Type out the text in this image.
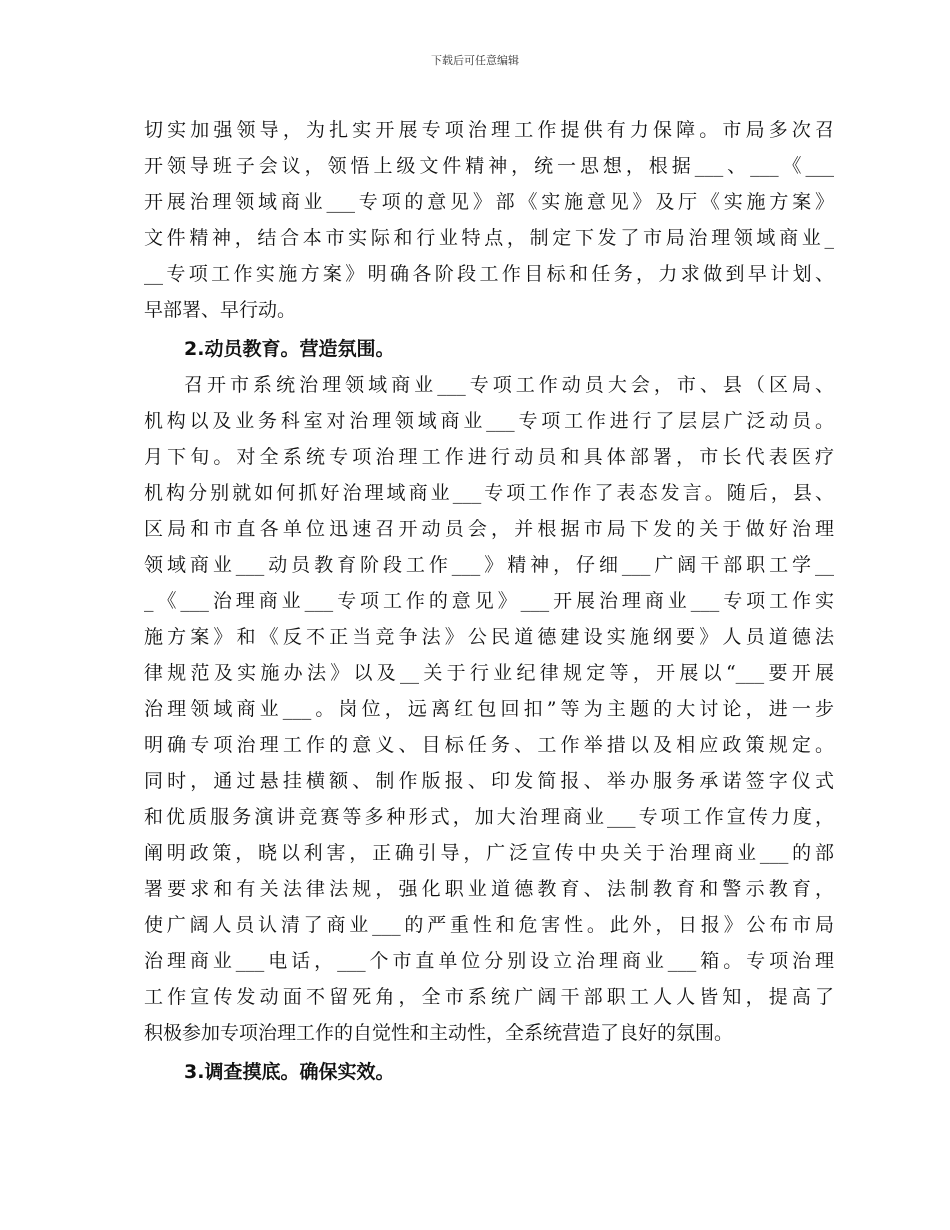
下载后可任意编辑
切实加强领导，为扎实开展专项治理工作提供有力保障。市局多次召
开领导班子会议，领悟上级文件精神，统一思想，根据___、___《___
开展治理领域商业___专项的意见》部《实施意见》及厅《实施方案》
文件精神，结合本市实际和行业特点，制定下发了市局治理领域商业_
__专项工作实施方案》明确各阶段工作目标和任务，力求做到早计划、
早部署、早行动。
2.动员教育。营造氛围。
召开市系统治理领域商业___专项工作动员大会，市、县（区局、
机构以及业务科室对治理领域商业___专项工作进行了层层广泛动员。
月下旬。对全系统专项治理工作进行动员和具体部署，市长代表医疗
机构分别就如何抓好治理域商业___专项工作作了表态发言。随后，县、
区局和市直各单位迅速召开动员会，并根据市局下发的关于做好治理
领域商业___动员教育阶段工作___》精神，仔细___广阔干部职工学__
_《___治理商业___专项工作的意见》___开展治理商业___专项工作实
施方案》和《反不正当竞争法》公民道德建设实施纲要》人员道德法
律规范及实施办法》以及__关于行业纪律规定等，开展以“___要开展
治理领域商业___。岗位，远离红包回扣”等为主题的大讨论，进一步
明确专项治理工作的意义、目标任务、工作举措以及相应政策规定。
同时，通过悬挂横额、制作版报、印发简报、举办服务承诺签字仪式
和优质服务演讲竞赛等多种形式，加大治理商业___专项工作宣传力度，
阐明政策，晓以利害，正确引导，广泛宣传中央关于治理商业___的部
署要求和有关法律法规，强化职业道德教育、法制教育和警示教育，
使广阔人员认清了商业___的严重性和危害性。此外，日报》公布市局
治理商业___电话，___个市直单位分别设立治理商业___箱。专项治理
工作宣传发动面不留死角，全市系统广阔干部职工人人皆知，提高了
积极参加专项治理工作的自觉性和主动性，全系统营造了良好的氛围。
3.调查摸底。确保实效。
